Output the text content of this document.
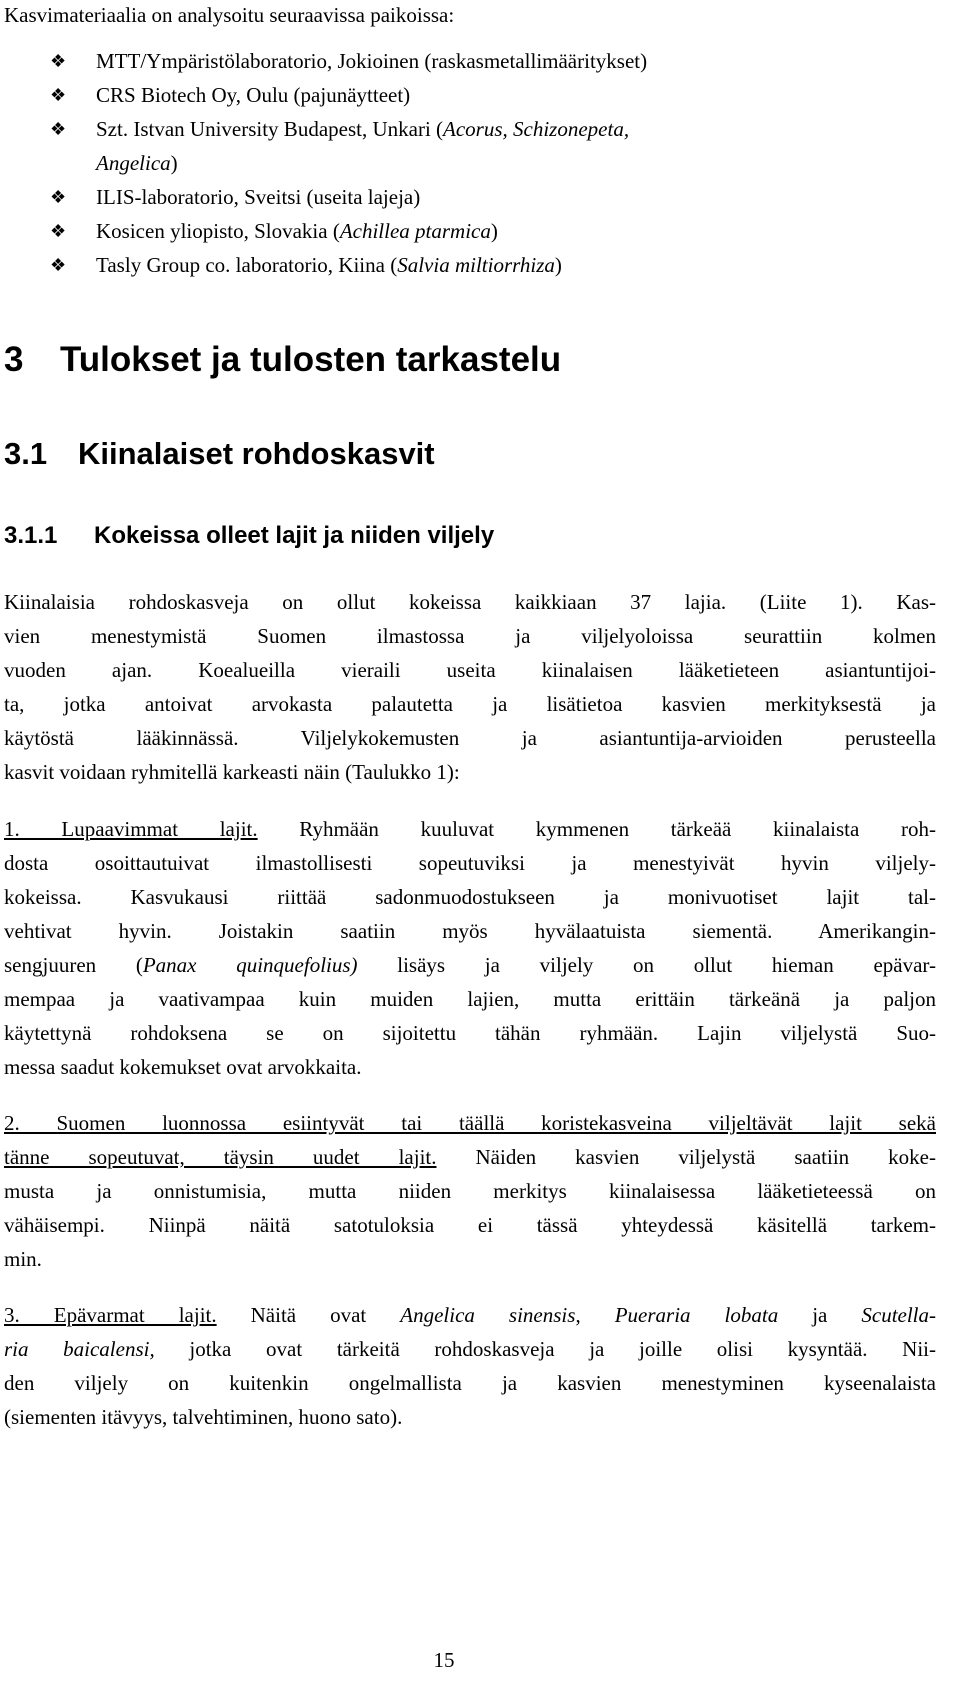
Kasvimateriaalia on analysoitu seuraavissa paikoissa:
❖ MTT/Ympäristölaboratorio, Jokioinen (raskasmetallimääritykset)
❖ CRS Biotech Oy, Oulu (pajunäytteet)
❖ Szt. Istvan University Budapest, Unkari (Acorus, Schizonepeta,
Angelica)
❖ ILIS-laboratorio, Sveitsi (useita lajeja)
❖ Kosicen yliopisto, Slovakia (Achillea ptarmica)
❖ Tasly Group co. laboratorio, Kiina (Salvia miltiorrhiza)
3 Tulokset ja tulosten tarkastelu
3.1 Kiinalaiset rohdoskasvit
3.1.1 Kokeissa olleet lajit ja niiden viljely
Kiinalaisia rohdoskasveja on ollut kokeissa kaikkiaan 37 lajia. (Liite 1). Kas-
vien menestymistä Suomen ilmastossa ja viljelyoloissa seurattiin kolmen
vuoden ajan. Koealueilla vieraili useita kiinalaisen lääketieteen asiantuntijoi-
ta, jotka antoivat arvokasta palautetta ja lisätietoa kasvien merkityksestä ja
käytöstä lääkinnässä. Viljelykokemusten ja asiantuntija-arvioiden perusteella
kasvit voidaan ryhmitellä karkeasti näin (Taulukko 1):
1. Lupaavimmat lajit. Ryhmään kuuluvat kymmenen tärkeää kiinalaista roh-
dosta osoittautuivat ilmastollisesti sopeutuviksi ja menestyivät hyvin viljely-
kokeissa. Kasvukausi riittää sadonmuodostukseen ja monivuotiset lajit tal-
vehtivat hyvin. Joistakin saatiin myös hyvälaatuista siementä. Amerikangin-
sengjuuren (Panax quinquefolius) lisäys ja viljely on ollut hieman epävar-
mempaa ja vaativampaa kuin muiden lajien, mutta erittäin tärkeänä ja paljon
käytettynä rohdoksena se on sijoitettu tähän ryhmään. Lajin viljelystä Suo-
messa saadut kokemukset ovat arvokkaita.
2. Suomen luonnossa esiintyvät tai täällä koristekasveina viljeltävät lajit sekä
tänne sopeutuvat, täysin uudet lajit. Näiden kasvien viljelystä saatiin koke-
musta ja onnistumisia, mutta niiden merkitys kiinalaisessa lääketieteessä on
vähäisempi. Niinpä näitä satotuloksia ei tässä yhteydessä käsitellä tarkem-
min.
3. Epävarmat lajit. Näitä ovat Angelica sinensis, Pueraria lobata ja Scutella-
ria baicalensi, jotka ovat tärkeitä rohdoskasveja ja joille olisi kysyntää. Nii-
den viljely on kuitenkin ongelmallista ja kasvien menestyminen kyseenalaista
(siementen itävyys, talvehtiminen, huono sato).
15
